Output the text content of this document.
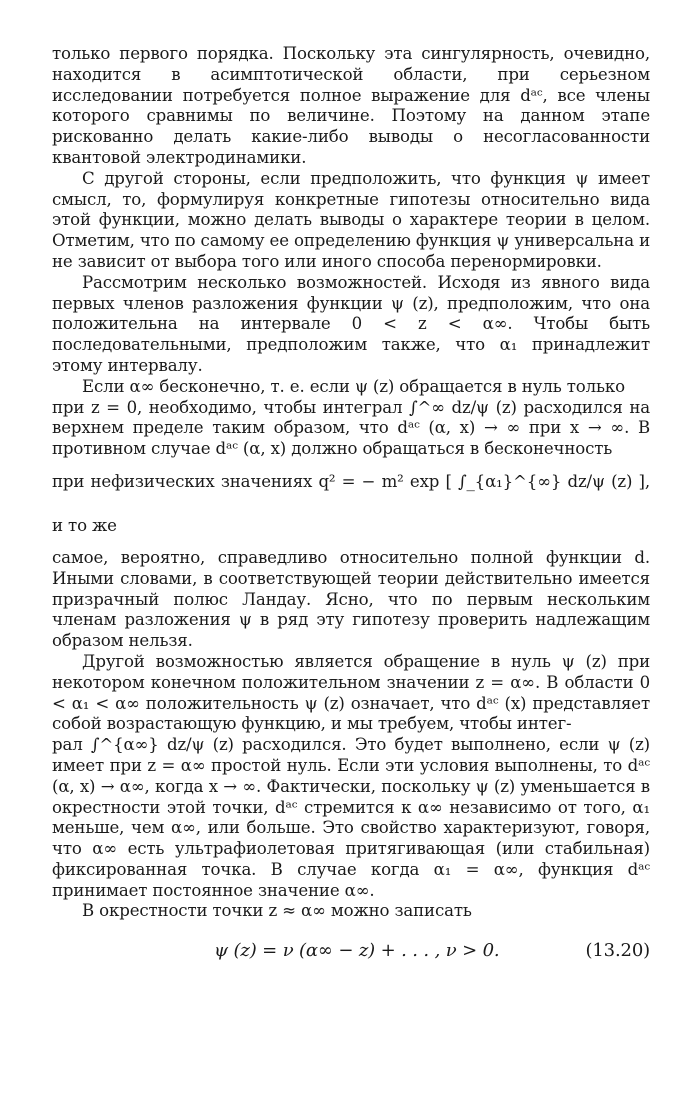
только первого порядка. Поскольку эта сингулярность, очевидно, находится в асимптотической области, при серьезном исследовании потребуется полное выражение для dᵃᶜ, все члены которого сравнимы по величине. Поэтому на данном этапе рискованно делать какие-либо выводы о несогласованности квантовой электродинамики.

С другой стороны, если предположить, что функция ψ имеет смысл, то, формулируя конкретные гипотезы относительно вида этой функции, можно делать выводы о характере теории в целом. Отметим, что по самому ее определению функция ψ универсальна и не зависит от выбора того или иного способа перенормировки.

Рассмотрим несколько возможностей. Исходя из явного вида первых членов разложения функции ψ (z), предположим, что она положительна на интервале 0 < z < α∞. Чтобы быть последовательными, предположим также, что α₁ принадлежит этому интервалу.

Если α∞ бесконечно, т. е. если ψ (z) обращается в нуль только

при z = 0, необходимо, чтобы интеграл ∫^∞ dz/ψ (z) расходился на верхнем пределе таким образом, что dᵃᶜ (α, x) → ∞ при x → ∞. В противном случае dᵃᶜ (α, x) должно обращаться в бесконечность

при нефизических значениях q² = − m² exp [ ∫_{α₁}^{∞} dz/ψ (z) ], и то же

самое, вероятно, справедливо относительно полной функции d. Иными словами, в соответствующей теории действительно имеется призрачный полюс Ландау. Ясно, что по первым нескольким членам разложения ψ в ряд эту гипотезу проверить надлежащим образом нельзя.

Другой возможностью является обращение в нуль ψ (z) при некотором конечном положительном значении z = α∞. В области 0 < α₁ < α∞ положительность ψ (z) означает, что dᵃᶜ (x) представляет собой возрастающую функцию, и мы требуем, чтобы интег-

рал ∫^{α∞} dz/ψ (z) расходился. Это будет выполнено, если ψ (z) имеет при z = α∞ простой нуль. Если эти условия выполнены, то dᵃᶜ (α, x) → α∞, когда x → ∞. Фактически, поскольку ψ (z) уменьшается в окрестности этой точки, dᵃᶜ стремится к α∞ независимо от того, α₁ меньше, чем α∞, или больше. Это свойство характеризуют, говоря, что α∞ есть ультрафиолетовая притягивающая (или стабильная) фиксированная точка. В случае когда α₁ = α∞, функция dᵃᶜ принимает постоянное значение α∞.

В окрестности точки z ≈ α∞ можно записать

ψ (z) = ν (α∞ − z) + . . . , ν > 0.	(13.20)
